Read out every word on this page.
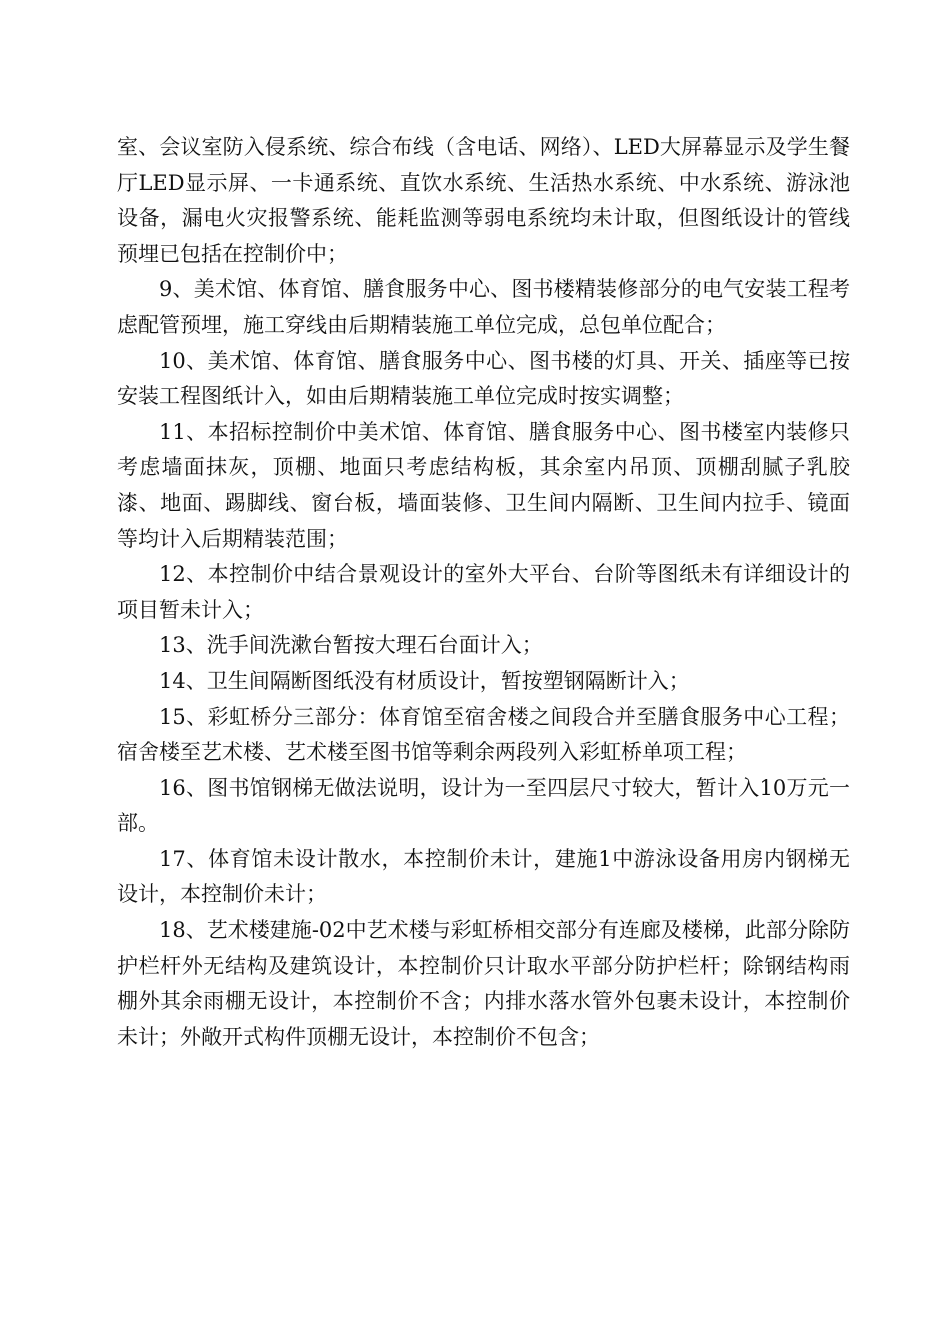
室、会议室防入侵系统、综合布线（含电话、网络）、LED大屏幕显示及学生餐厅LED显示屏、一卡通系统、直饮水系统、生活热水系统、中水系统、游泳池设备，漏电火灾报警系统、能耗监测等弱电系统均未计取，但图纸设计的管线预埋已包括在控制价中；

9、美术馆、体育馆、膳食服务中心、图书楼精装修部分的电气安装工程考虑配管预埋，施工穿线由后期精装施工单位完成，总包单位配合；

10、美术馆、体育馆、膳食服务中心、图书楼的灯具、开关、插座等已按安装工程图纸计入，如由后期精装施工单位完成时按实调整；

11、本招标控制价中美术馆、体育馆、膳食服务中心、图书楼室内装修只考虑墙面抹灰，顶棚、地面只考虑结构板，其余室内吊顶、顶棚刮腻子乳胶漆、地面、踢脚线、窗台板，墙面装修、卫生间内隔断、卫生间内拉手、镜面等均计入后期精装范围；

12、本控制价中结合景观设计的室外大平台、台阶等图纸未有详细设计的项目暂未计入；

13、洗手间洗漱台暂按大理石台面计入；

14、卫生间隔断图纸没有材质设计，暂按塑钢隔断计入；

15、彩虹桥分三部分：体育馆至宿舍楼之间段合并至膳食服务中心工程；宿舍楼至艺术楼、艺术楼至图书馆等剩余两段列入彩虹桥单项工程；

16、图书馆钢梯无做法说明，设计为一至四层尺寸较大，暂计入10万元一部。

17、体育馆未设计散水，本控制价未计，建施1中游泳设备用房内钢梯无设计，本控制价未计；

18、艺术楼建施-02中艺术楼与彩虹桥相交部分有连廊及楼梯，此部分除防护栏杆外无结构及建筑设计，本控制价只计取水平部分防护栏杆；除钢结构雨棚外其余雨棚无设计，本控制价不含；内排水落水管外包裹未设计，本控制价未计；外敞开式构件顶棚无设计，本控制价不包含；
